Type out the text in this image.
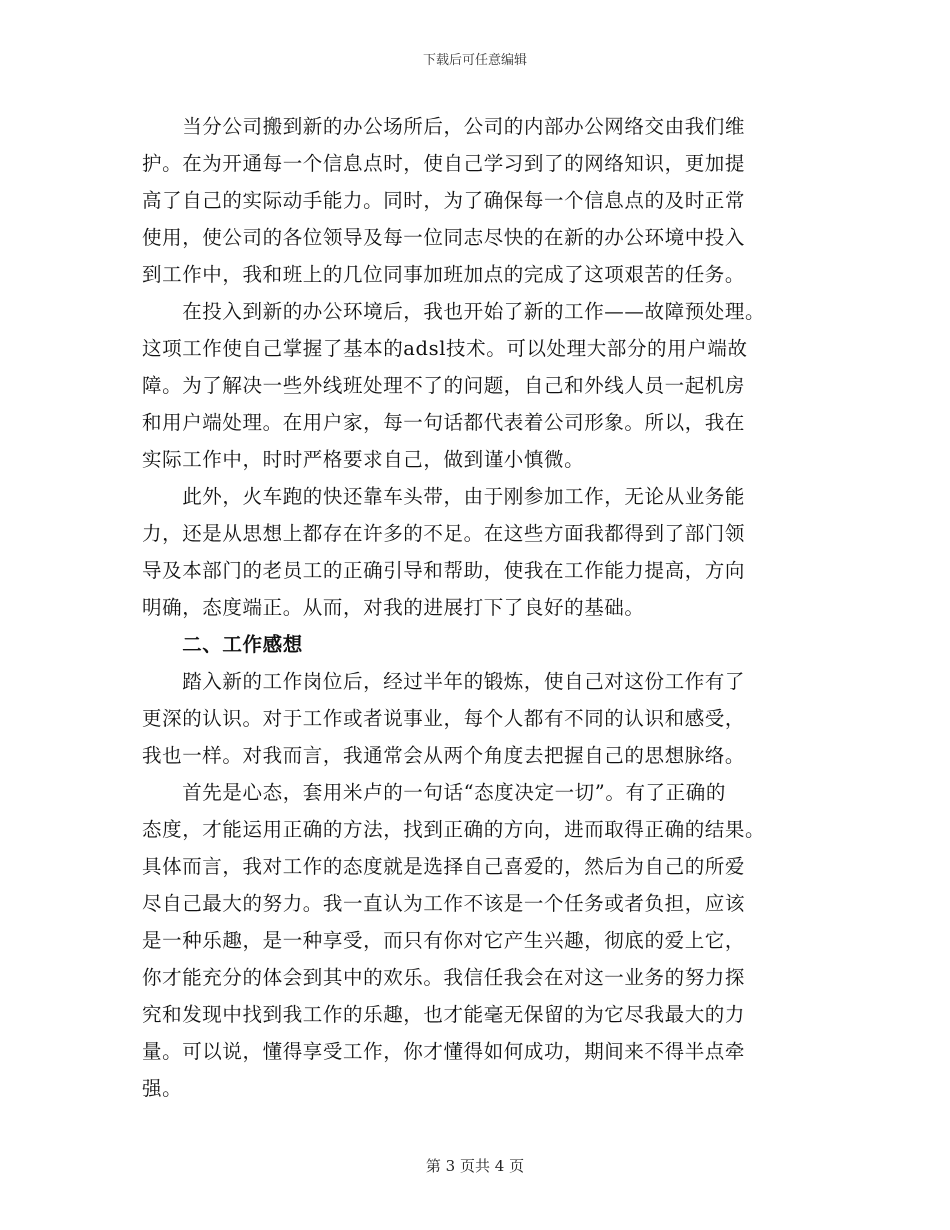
下载后可任意编辑
　　当分公司搬到新的办公场所后，公司的内部办公网络交由我们维
护。在为开通每一个信息点时，使自己学习到了的网络知识，更加提
高了自己的实际动手能力。同时，为了确保每一个信息点的及时正常
使用，使公司的各位领导及每一位同志尽快的在新的办公环境中投入
到工作中，我和班上的几位同事加班加点的完成了这项艰苦的任务。
　　在投入到新的办公环境后，我也开始了新的工作——故障预处理。
这项工作使自己掌握了基本的adsl技术。可以处理大部分的用户端故
障。为了解决一些外线班处理不了的问题，自己和外线人员一起机房
和用户端处理。在用户家，每一句话都代表着公司形象。所以，我在
实际工作中，时时严格要求自己，做到谨小慎微。
　　此外，火车跑的快还靠车头带，由于刚参加工作，无论从业务能
力，还是从思想上都存在许多的不足。在这些方面我都得到了部门领
导及本部门的老员工的正确引导和帮助，使我在工作能力提高，方向
明确，态度端正。从而，对我的进展打下了良好的基础。
　　二、工作感想
　　踏入新的工作岗位后，经过半年的锻炼，使自己对这份工作有了
更深的认识。对于工作或者说事业，每个人都有不同的认识和感受，
我也一样。对我而言，我通常会从两个角度去把握自己的思想脉络。
　　首先是心态，套用米卢的一句话“态度决定一切”。有了正确的
态度，才能运用正确的方法，找到正确的方向，进而取得正确的结果。
具体而言，我对工作的态度就是选择自己喜爱的，然后为自己的所爱
尽自己最大的努力。我一直认为工作不该是一个任务或者负担，应该
是一种乐趣，是一种享受，而只有你对它产生兴趣，彻底的爱上它，
你才能充分的体会到其中的欢乐。我信任我会在对这一业务的努力探
究和发现中找到我工作的乐趣，也才能毫无保留的为它尽我最大的力
量。可以说，懂得享受工作，你才懂得如何成功，期间来不得半点牵
强。
第 3 页共 4 页
